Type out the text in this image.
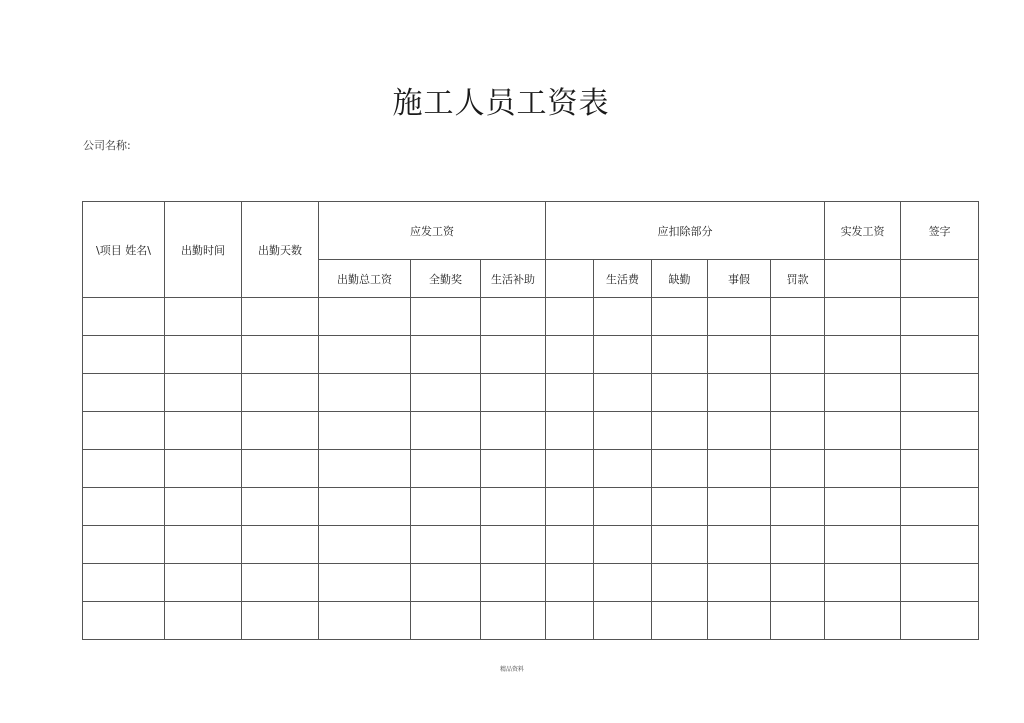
施工人员工资表
公司名称:
\项目 姓名\	出勤时间	出勤天数	应发工资			应扣除部分					实发工资	签字
			出勤总工资	全勤奖	生活补助		生活费	缺勤	事假	罚款		

精品资料
